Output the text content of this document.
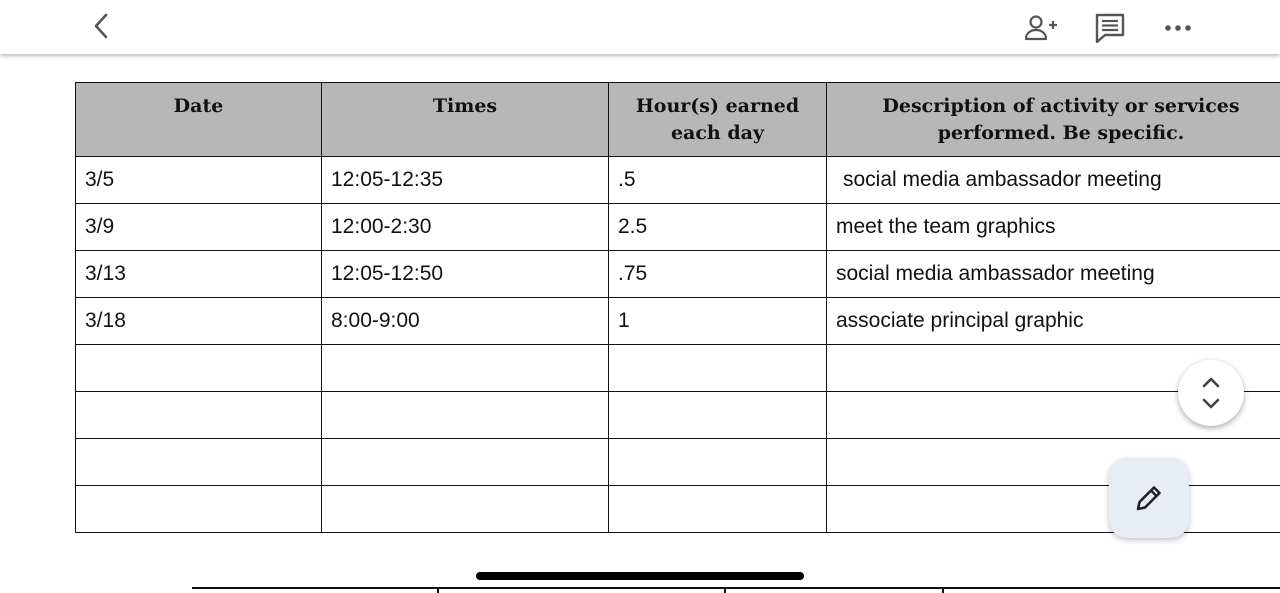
Date	Times	Hour(s) earned each day	Description of activity or services performed. Be specific.
3/5	12:05-12:35	.5	social media ambassador meeting
3/9	12:00-2:30	2.5	meet the team graphics
3/13	12:05-12:50	.75	social media ambassador meeting
3/18	8:00-9:00	1	associate principal graphic
